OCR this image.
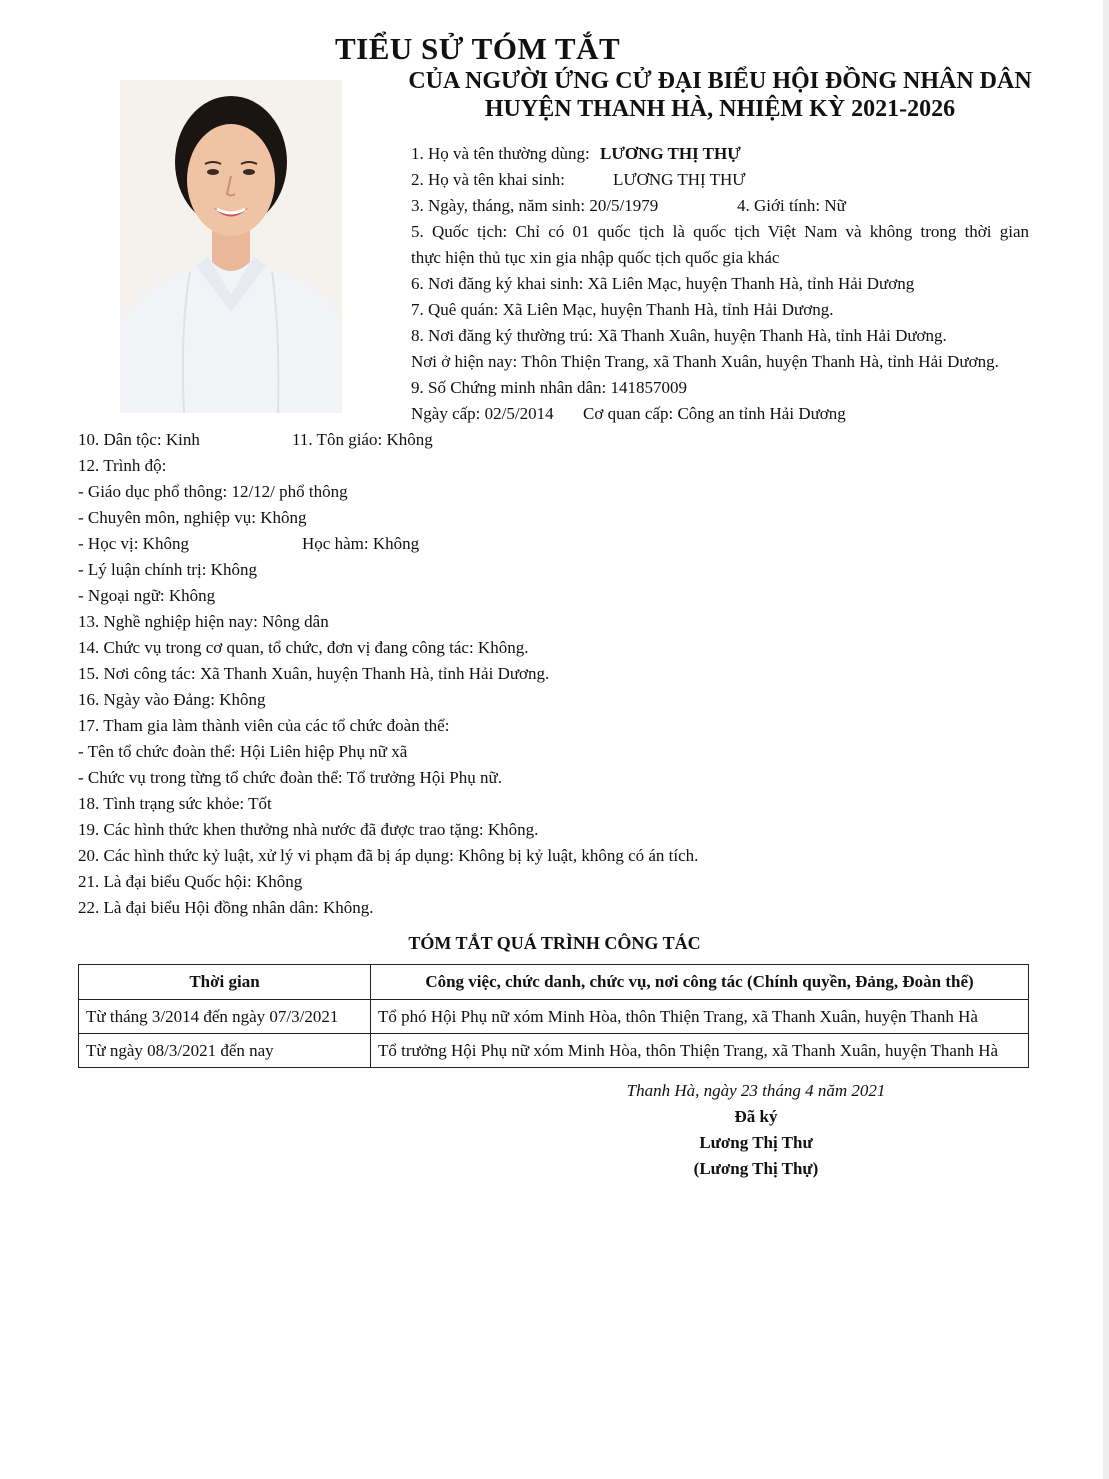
TIỂU SỬ TÓM TẮT
CỦA NGƯỜI ỨNG CỬ ĐẠI BIỂU HỘI ĐỒNG NHÂN DÂN
HUYỆN THANH HÀ, NHIỆM KỲ 2021-2026
1. Họ và tên thường dùng: LƯƠNG THỊ THỰ
2. Họ và tên khai sinh:	LƯƠNG THỊ THƯ
3. Ngày, tháng, năm sinh: 20/5/1979	4. Giới tính: Nữ
5. Quốc tịch: Chỉ có 01 quốc tịch là quốc tịch Việt Nam và không trong thời gian
thực hiện thủ tục xin gia nhập quốc tịch quốc gia khác
6. Nơi đăng ký khai sinh: Xã Liên Mạc, huyện Thanh Hà, tỉnh Hải Dương
7. Quê quán: Xã Liên Mạc, huyện Thanh Hà, tỉnh Hải Dương.
8. Nơi đăng ký thường trú: Xã Thanh Xuân, huyện Thanh Hà, tỉnh Hải Dương.
Nơi ở hiện nay: Thôn Thiện Trang, xã Thanh Xuân, huyện Thanh Hà, tỉnh Hải Dương.
9. Số Chứng minh nhân dân: 141857009
Ngày cấp: 02/5/2014 Cơ quan cấp: Công an tỉnh Hải Dương
10. Dân tộc: Kinh	11. Tôn giáo: Không
12. Trình độ:
- Giáo dục phổ thông: 12/12/ phổ thông
- Chuyên môn, nghiệp vụ: Không
- Học vị: Không	Học hàm: Không
- Lý luận chính trị: Không
- Ngoại ngữ: Không
13. Nghề nghiệp hiện nay: Nông dân
14. Chức vụ trong cơ quan, tổ chức, đơn vị đang công tác: Không.
15. Nơi công tác: Xã Thanh Xuân, huyện Thanh Hà, tỉnh Hải Dương.
16. Ngày vào Đảng: Không
17. Tham gia làm thành viên của các tổ chức đoàn thể:
- Tên tổ chức đoàn thể: Hội Liên hiệp Phụ nữ xã
- Chức vụ trong từng tổ chức đoàn thể: Tổ trưởng Hội Phụ nữ.
18. Tình trạng sức khỏe: Tốt
19. Các hình thức khen thưởng nhà nước đã được trao tặng: Không.
20. Các hình thức kỷ luật, xử lý vi phạm đã bị áp dụng: Không bị kỷ luật, không có án tích.
21. Là đại biểu Quốc hội: Không
22. Là đại biểu Hội đồng nhân dân: Không.
TÓM TẮT QUÁ TRÌNH CÔNG TÁC
Thời gian	Công việc, chức danh, chức vụ, nơi công tác (Chính quyền, Đảng, Đoàn thể)
Từ tháng 3/2014 đến ngày 07/3/2021	Tổ phó Hội Phụ nữ xóm Minh Hòa, thôn Thiện Trang, xã Thanh Xuân, huyện Thanh Hà
Từ ngày 08/3/2021 đến nay	Tổ trưởng Hội Phụ nữ xóm Minh Hòa, thôn Thiện Trang, xã Thanh Xuân, huyện Thanh Hà
Thanh Hà, ngày 23 tháng 4 năm 2021
Đã ký
Lương Thị Thư
(Lương Thị Thự)
